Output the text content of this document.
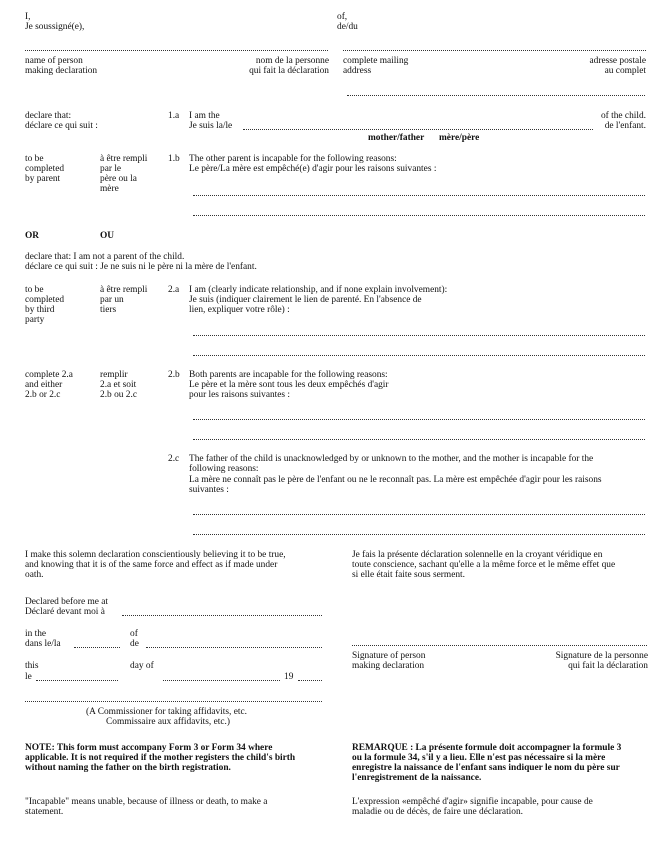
I,
Je soussigné(e),
of,
de/du
name of person
making declaration
nom de la personne
qui fait la déclaration
complete mailing
address
adresse postale
au complet
declare that:
déclare ce qui suit :
1.a I am the
Je suis la/le
of the child.
de l'enfant.
mother/father mère/père
to be
completed
by parent
à être rempli
par le
père ou la
mère
1.b The other parent is incapable for the following reasons:
Le père/La mère est empêché(e) d'agir pour les raisons suivantes :
OR	OU
declare that: I am not a parent of the child.
déclare ce qui suit : Je ne suis ni le père ni la mère de l'enfant.
to be
completed
by third
party
à être rempli
par un
tiers
2.a I am (clearly indicate relationship, and if none explain involvement):
Je suis (indiquer clairement le lien de parenté. En l'absence de
lien, expliquer votre rôle) :
complete 2.a
and either
2.b or 2.c
remplir
2.a et soit
2.b ou 2.c
2.b Both parents are incapable for the following reasons:
Le père et la mère sont tous les deux empêchés d'agir
pour les raisons suivantes :
2.c The father of the child is unacknowledged by or unknown to the mother, and the mother is incapable for the
following reasons:
La mère ne connaît pas le père de l'enfant ou ne le reconnaît pas. La mère est empêchée d'agir pour les raisons
suivantes :
I make this solemn declaration conscientiously believing it to be true,
and knowing that it is of the same force and effect as if made under
oath.
Je fais la présente déclaration solennelle en la croyant véridique en
toute conscience, sachant qu'elle a la même force et le même effet que
si elle était faite sous serment.
Declared before me at
Déclaré devant moi à
in the
dans le/la
of
de
this
le
day of
19
(A Commissioner for taking affidavits, etc.
Commissaire aux affidavits, etc.)
Signature of person
making declaration
Signature de la personne
qui fait la déclaration
NOTE: This form must accompany Form 3 or Form 34 where
applicable. It is not required if the mother registers the child's birth
without naming the father on the birth registration.
REMARQUE : La présente formule doit accompagner la formule 3
ou la formule 34, s'il y a lieu. Elle n'est pas nécessaire si la mère
enregistre la naissance de l'enfant sans indiquer le nom du père sur
l'enregistrement de la naissance.
"Incapable" means unable, because of illness or death, to make a
statement.
L'expression «empêché d'agir» signifie incapable, pour cause de
maladie ou de décès, de faire une déclaration.
